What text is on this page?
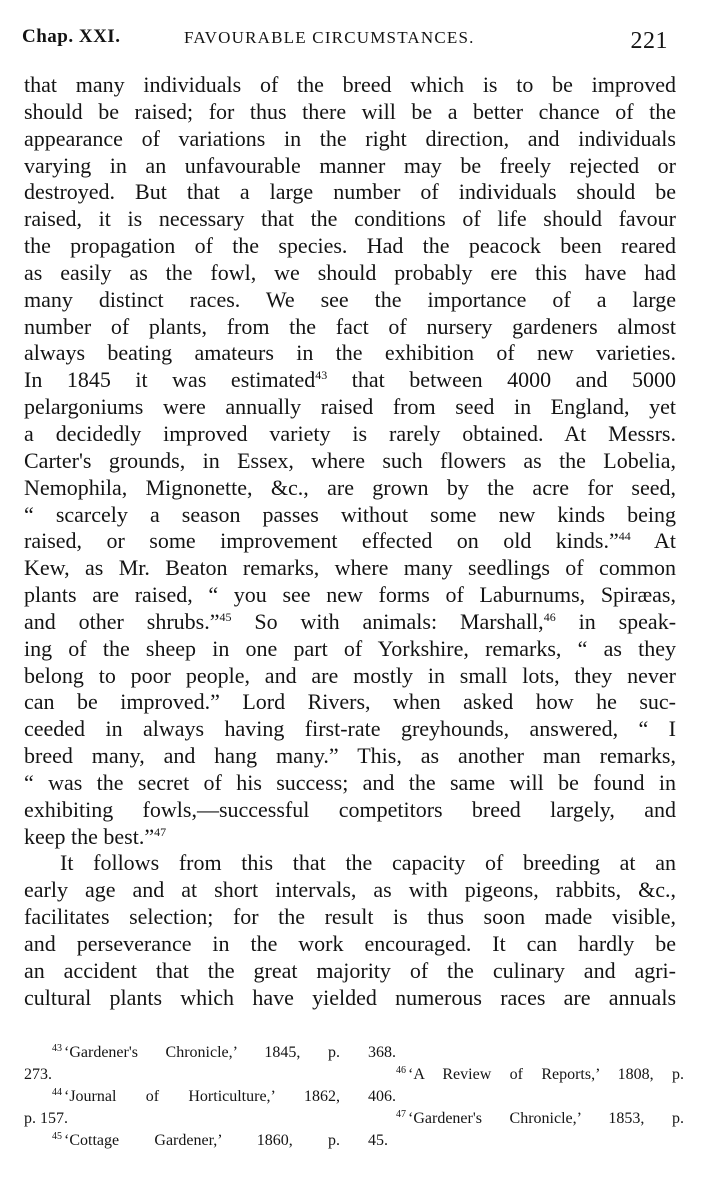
Chap. XXI.	FAVOURABLE CIRCUMSTANCES.	221
that many individuals of the breed which is to be improved
should be raised; for thus there will be a better chance of the
appearance of variations in the right direction, and individuals
varying in an unfavourable manner may be freely rejected or
destroyed. But that a large number of individuals should be
raised, it is necessary that the conditions of life should favour
the propagation of the species. Had the peacock been reared
as easily as the fowl, we should probably ere this have had
many distinct races. We see the importance of a large
number of plants, from the fact of nursery gardeners almost
always beating amateurs in the exhibition of new varieties.
In 1845 it was estimated$^{43}$ that between 4000 and 5000
pelargoniums were annually raised from seed in England, yet
a decidedly improved variety is rarely obtained. At Messrs.
Carter's grounds, in Essex, where such flowers as the Lobelia,
Nemophila, Mignonette, &c., are grown by the acre for seed,
“ scarcely a season passes without some new kinds being
raised, or some improvement effected on old kinds.”$^{44}$ At
Kew, as Mr. Beaton remarks, where many seedlings of common
plants are raised, “ you see new forms of Laburnums, Spiræas,
and other shrubs.”$^{45}$ So with animals: Marshall,$^{46}$ in speak-
ing of the sheep in one part of Yorkshire, remarks, “ as they
belong to poor people, and are mostly in small lots, they never
can be improved.” Lord Rivers, when asked how he suc-
ceeded in always having first-rate greyhounds, answered, “ I
breed many, and hang many.” This, as another man remarks,
“ was the secret of his success; and the same will be found in
exhibiting fowls,—successful competitors breed largely, and
keep the best.”$^{47}$
It follows from this that the capacity of breeding at an
early age and at short intervals, as with pigeons, rabbits, &c.,
facilitates selection; for the result is thus soon made visible,
and perseverance in the work encouraged. It can hardly be
an accident that the great majority of the culinary and agri-
cultural plants which have yielded numerous races are annuals
$^{43}$ ‘Gardener's Chronicle,’ 1845, p.
273.
$^{44}$ ‘Journal of Horticulture,’ 1862,
p. 157.
$^{45}$ ‘Cottage Gardener,’ 1860, p.
368.
$^{46}$ ‘A Review of Reports,’ 1808, p.
406.
$^{47}$ ‘Gardener's Chronicle,’ 1853, p.
45.
